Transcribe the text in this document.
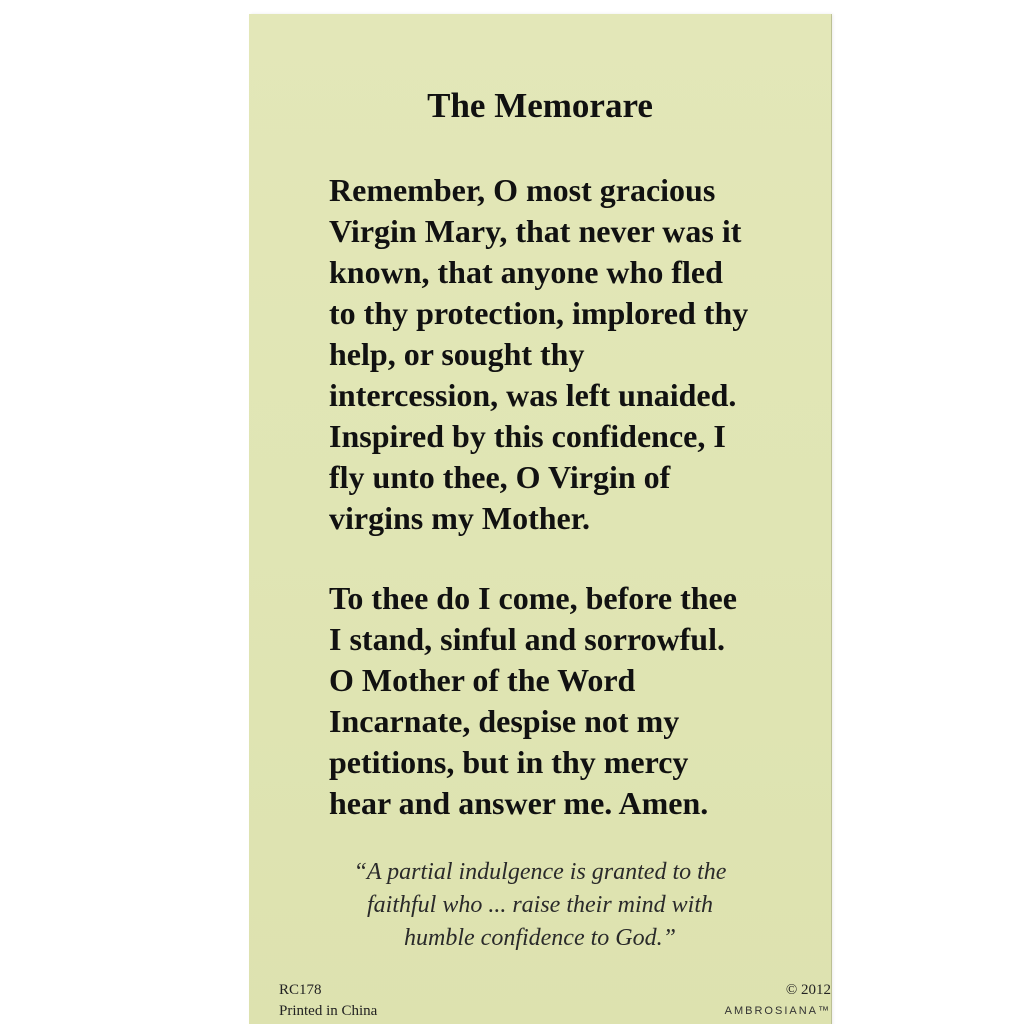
The Memorare

Remember, O most gracious
Virgin Mary, that never was it
known, that anyone who fled
to thy protection, implored thy
help, or sought thy
intercession, was left unaided.
Inspired by this confidence, I
fly unto thee, O Virgin of
virgins my Mother.

To thee do I come, before thee
I stand, sinful and sorrowful.
O Mother of the Word
Incarnate, despise not my
petitions, but in thy mercy
hear and answer me. Amen.

“A partial indulgence is granted to the
faithful who ... raise their mind with
humble confidence to God.”

RC178
Printed in China
© 2012
AMBROSIANA™
